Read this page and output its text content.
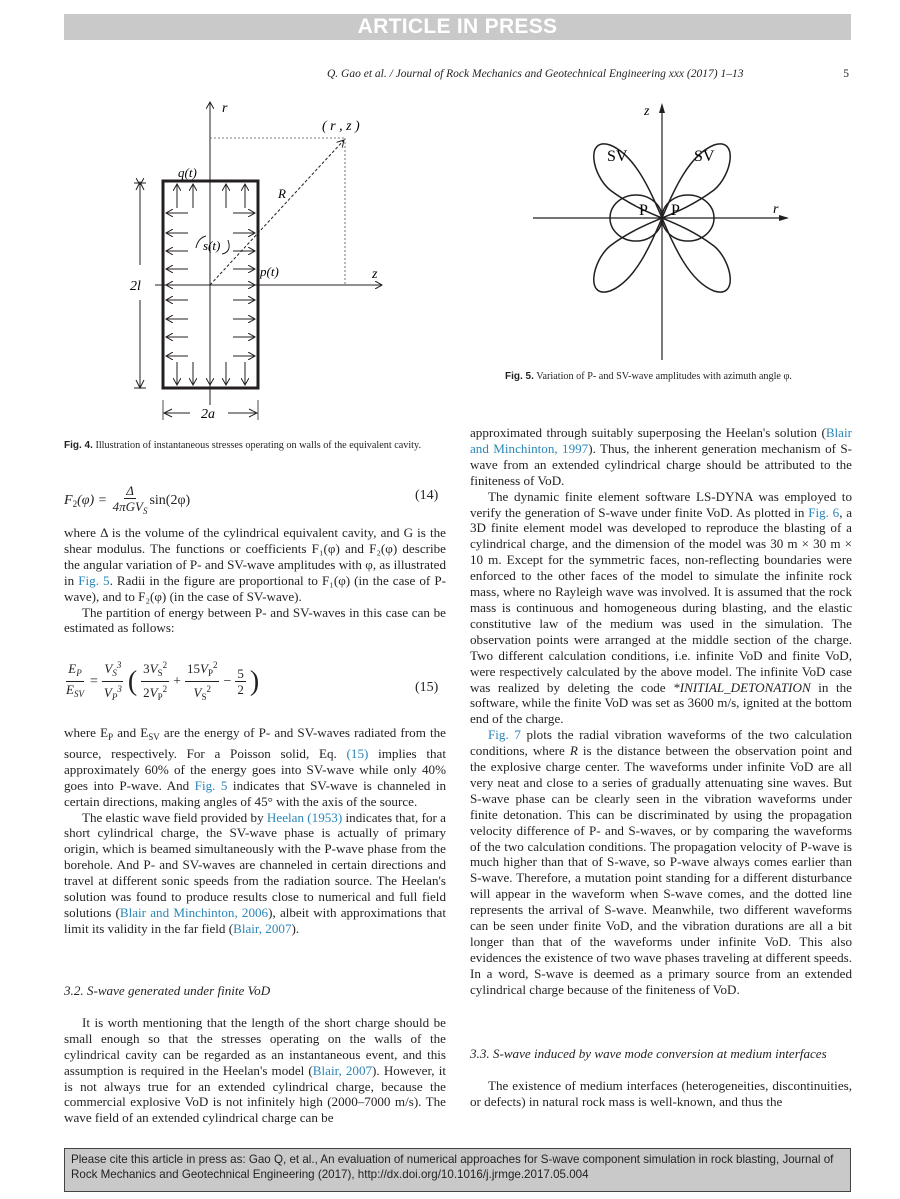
ARTICLE IN PRESS
Q. Gao et al. / Journal of Rock Mechanics and Geotechnical Engineering xxx (2017) 1–13	5
r
z
( r , z )
q(t)
R
s(t)
p(t)
2l
2a
Fig. 4. Illustration of instantaneous stresses operating on walls of the equivalent cavity.
z
r
SV	SV
P P
Fig. 5. Variation of P- and SV-wave amplitudes with azimuth angle φ.
$F_2(\varphi) = \frac{\Delta}{4\pi GV_S} \sin(2\varphi)$	(14)

where Δ is the volume of the cylindrical equivalent cavity, and G is the shear modulus. The functions or coefficients F₁(φ) and F₂(φ) describe the angular variation of P- and SV-wave amplitudes with φ, as illustrated in Fig. 5. Radii in the figure are proportional to F₁(φ) (in the case of P-wave), and to F₂(φ) (in the case of SV-wave).

The partition of energy between P- and SV-waves in this case can be estimated as follows:

$\frac{E_P}{E_{SV}} = \frac{V_S^3}{V_P^3}$ ( $\frac{3V_S^2}{2V_P^2} + \frac{15V_P^2}{V_S^2} - \frac{5}{2}$ )	(15)

where $E_P$ and $E_{SV}$ are the energy of P- and SV-waves radiated from the source, respectively. For a Poisson solid, Eq. (15) implies that approximately 60% of the energy goes into SV-wave while only 40% goes into P-wave. And Fig. 5 indicates that SV-wave is channeled in certain directions, making angles of 45° with the axis of the source.

The elastic wave field provided by Heelan (1953) indicates that, for a short cylindrical charge, the SV-wave phase is actually of primary origin, which is beamed simultaneously with the P-wave phase from the borehole. And P- and SV-waves are channeled in certain directions and travel at different sonic speeds from the radiation source. The Heelan's solution was found to produce results close to numerical and full field solutions (Blair and Minchinton, 2006), albeit with approximations that limit its validity in the far field (Blair, 2007).

3.2. S-wave generated under finite VoD

It is worth mentioning that the length of the short charge should be small enough so that the stresses operating on the walls of the cylindrical cavity can be regarded as an instantaneous event, and this assumption is required in the Heelan's model (Blair, 2007). However, it is not always true for an extended cylindrical charge, because the commercial explosive VoD is not infinitely high (2000–7000 m/s). The wave field of an extended cylindrical charge can be

approximated through suitably superposing the Heelan's solution (Blair and Minchinton, 1997). Thus, the inherent generation mechanism of S-wave from an extended cylindrical charge should be attributed to the finiteness of VoD.

The dynamic finite element software LS-DYNA was employed to verify the generation of S-wave under finite VoD. As plotted in Fig. 6, a 3D finite element model was developed to reproduce the blasting of a cylindrical charge, and the dimension of the model was 30 m × 30 m × 10 m. Except for the symmetric faces, non-reflecting boundaries were enforced to the other faces of the model to simulate the infinite rock mass, where no Rayleigh wave was involved. It is assumed that the rock mass is continuous and homogeneous during blasting, and the elastic constitutive law of the medium was used in the simulation. The observation points were arranged at the middle section of the charge. Two different calculation conditions, i.e. infinite VoD and finite VoD, were respectively calculated by the above model. The infinite VoD case was realized by deleting the code *INITIAL_DETONATION in the software, while the finite VoD was set as 3600 m/s, ignited at the bottom end of the charge.

Fig. 7 plots the radial vibration waveforms of the two calculation conditions, where R is the distance between the observation point and the explosive charge center. The waveforms under infinite VoD are all very neat and close to a series of gradually attenuating sine waves. But S-wave phase can be clearly seen in the vibration waveforms under finite detonation. This can be discriminated by using the propagation velocity difference of P- and S-waves, or by comparing the waveforms of the two calculation conditions. The propagation velocity of P-wave is much higher than that of S-wave, so P-wave always comes earlier than S-wave. Therefore, a mutation point standing for a different disturbance will appear in the waveform when S-wave comes, and the dotted line represents the arrival of S-wave. Meanwhile, two different waveforms can be seen under finite VoD, and the vibration durations are all a bit longer than that of the waveforms under infinite VoD. This also evidences the existence of two wave phases traveling at different speeds. In a word, S-wave is deemed as a primary source from an extended cylindrical charge because of the finiteness of VoD.

3.3. S-wave induced by wave mode conversion at medium interfaces

The existence of medium interfaces (heterogeneities, discontinuities, or defects) in natural rock mass is well-known, and thus the

Please cite this article in press as: Gao Q, et al., An evaluation of numerical approaches for S-wave component simulation in rock blasting, Journal of Rock Mechanics and Geotechnical Engineering (2017), http://dx.doi.org/10.1016/j.jrmge.2017.05.004
